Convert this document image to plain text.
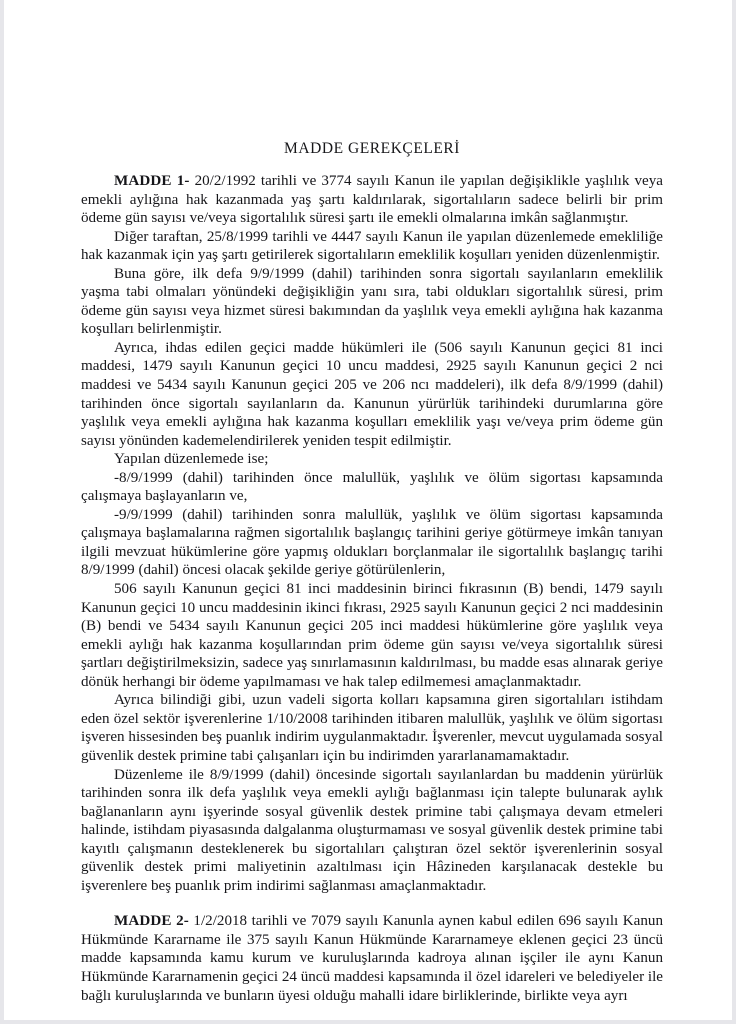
MADDE GEREKÇELERİ

MADDE 1- 20/2/1992 tarihli ve 3774 sayılı Kanun ile yapılan değişiklikle yaşlılık veya emekli aylığına hak kazanmada yaş şartı kaldırılarak, sigortalıların sadece belirli bir prim ödeme gün sayısı ve/veya sigortalılık süresi şartı ile emekli olmalarına imkân sağlanmıştır.

Diğer taraftan, 25/8/1999 tarihli ve 4447 sayılı Kanun ile yapılan düzenlemede emekliliğe hak kazanmak için yaş şartı getirilerek sigortalıların emeklilik koşulları yeniden düzenlenmiştir.

Buna göre, ilk defa 9/9/1999 (dahil) tarihinden sonra sigortalı sayılanların emeklilik yaşma tabi olmaları yönündeki değişikliğin yanı sıra, tabi oldukları sigortalılık süresi, prim ödeme gün sayısı veya hizmet süresi bakımından da yaşlılık veya emekli aylığına hak kazanma koşulları belirlenmiştir.

Ayrıca, ihdas edilen geçici madde hükümleri ile (506 sayılı Kanunun geçici 81 inci maddesi, 1479 sayılı Kanunun geçici 10 uncu maddesi, 2925 sayılı Kanunun geçici 2 nci maddesi ve 5434 sayılı Kanunun geçici 205 ve 206 ncı maddeleri), ilk defa 8/9/1999 (dahil) tarihinden önce sigortalı sayılanların da. Kanunun yürürlük tarihindeki durumlarına göre yaşlılık veya emekli aylığına hak kazanma koşulları emeklilik yaşı ve/veya prim ödeme gün sayısı yönünden kademelendirilerek yeniden tespit edilmiştir.

Yapılan düzenlemede ise;

-8/9/1999 (dahil) tarihinden önce malullük, yaşlılık ve ölüm sigortası kapsamında çalışmaya başlayanların ve,

-9/9/1999 (dahil) tarihinden sonra malullük, yaşlılık ve ölüm sigortası kapsamında çalışmaya başlamalarına rağmen sigortalılık başlangıç tarihini geriye götürmeye imkân tanıyan ilgili mevzuat hükümlerine göre yapmış oldukları borçlanmalar ile sigortalılık başlangıç tarihi 8/9/1999 (dahil) öncesi olacak şekilde geriye götürülenlerin,

506 sayılı Kanunun geçici 81 inci maddesinin birinci fıkrasının (B) bendi, 1479 sayılı Kanunun geçici 10 uncu maddesinin ikinci fıkrası, 2925 sayılı Kanunun geçici 2 nci maddesinin (B) bendi ve 5434 sayılı Kanunun geçici 205 inci maddesi hükümlerine göre yaşlılık veya emekli aylığı hak kazanma koşullarından prim ödeme gün sayısı ve/veya sigortalılık süresi şartları değiştirilmeksizin, sadece yaş sınırlamasının kaldırılması, bu madde esas alınarak geriye dönük herhangi bir ödeme yapılmaması ve hak talep edilmemesi amaçlanmaktadır.

Ayrıca bilindiği gibi, uzun vadeli sigorta kolları kapsamına giren sigortalıları istihdam eden özel sektör işverenlerine 1/10/2008 tarihinden itibaren malullük, yaşlılık ve ölüm sigortası işveren hissesinden beş puanlık indirim uygulanmaktadır. İşverenler, mevcut uygulamada sosyal güvenlik destek primine tabi çalışanları için bu indirimden yararlanamamaktadır.

Düzenleme ile 8/9/1999 (dahil) öncesinde sigortalı sayılanlardan bu maddenin yürürlük tarihinden sonra ilk defa yaşlılık veya emekli aylığı bağlanması için talepte bulunarak aylık bağlananların aynı işyerinde sosyal güvenlik destek primine tabi çalışmaya devam etmeleri halinde, istihdam piyasasında dalgalanma oluşturmaması ve sosyal güvenlik destek primine tabi kayıtlı çalışmanın desteklenerek bu sigortalıları çalıştıran özel sektör işverenlerinin sosyal güvenlik destek primi maliyetinin azaltılması için Hâzineden karşılanacak destekle bu işverenlere beş puanlık prim indirimi sağlanması amaçlanmaktadır.

MADDE 2- 1/2/2018 tarihli ve 7079 sayılı Kanunla aynen kabul edilen 696 sayılı Kanun Hükmünde Kararname ile 375 sayılı Kanun Hükmünde Kararnameye eklenen geçici 23 üncü madde kapsamında kamu kurum ve kuruluşlarında kadroya alınan işçiler ile aynı Kanun Hükmünde Kararnamenin geçici 24 üncü maddesi kapsamında il özel idareleri ve belediyeler ile bağlı kuruluşlarında ve bunların üyesi olduğu mahalli idare birliklerinde, birlikte veya ayrı
